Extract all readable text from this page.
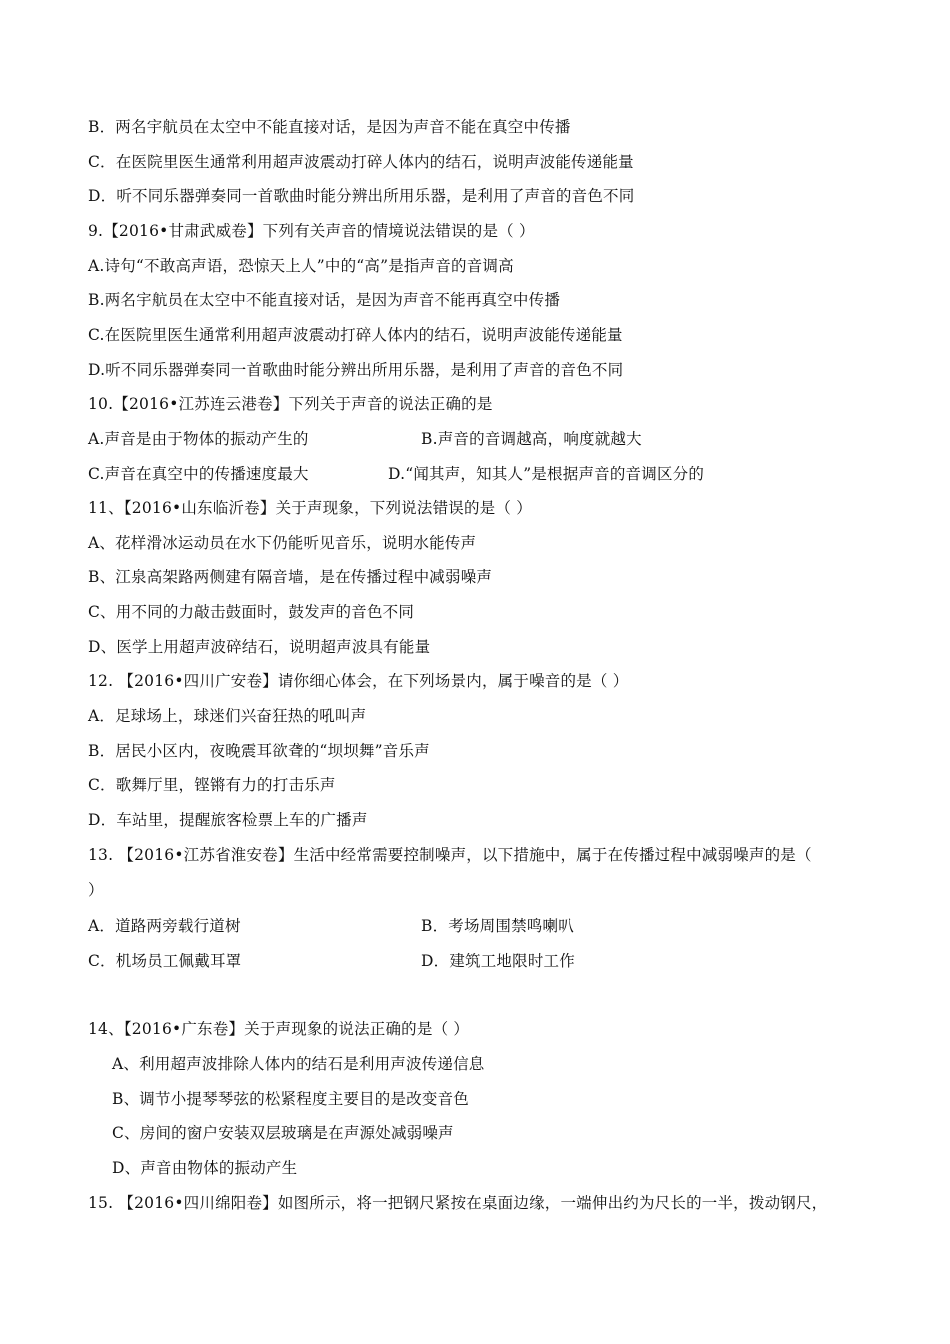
B．两名宇航员在太空中不能直接对话，是因为声音不能在真空中传播
C．在医院里医生通常利用超声波震动打碎人体内的结石，说明声波能传递能量
D．听不同乐器弹奏同一首歌曲时能分辨出所用乐器，是利用了声音的音色不同
9.【2016•甘肃武威卷】下列有关声音的情境说法错误的是（ ）
A.诗句“不敢高声语，恐惊天上人”中的“高”是指声音的音调高
B.两名宇航员在太空中不能直接对话，是因为声音不能再真空中传播
C.在医院里医生通常利用超声波震动打碎人体内的结石，说明声波能传递能量
D.听不同乐器弹奏同一首歌曲时能分辨出所用乐器，是利用了声音的音色不同
10.【2016•江苏连云港卷】下列关于声音的说法正确的是
A.声音是由于物体的振动产生的	B.声音的音调越高，响度就越大
C.声音在真空中的传播速度最大	D.“闻其声，知其人”是根据声音的音调区分的
11、【2016•山东临沂卷】关于声现象，下列说法错误的是（ ）
A、花样滑冰运动员在水下仍能听见音乐，说明水能传声
B、江泉高架路两侧建有隔音墙，是在传播过程中减弱噪声
C、用不同的力敲击鼓面时，鼓发声的音色不同
D、医学上用超声波碎结石，说明超声波具有能量
12. 【2016•四川广安卷】请你细心体会，在下列场景内，属于噪音的是（ ）
A．足球场上，球迷们兴奋狂热的吼叫声
B．居民小区内，夜晚震耳欲聋的“坝坝舞”音乐声
C．歌舞厅里，铿锵有力的打击乐声
D．车站里，提醒旅客检票上车的广播声
13. 【2016•江苏省淮安卷】生活中经常需要控制噪声，以下措施中，属于在传播过程中减弱噪声的是（
）
A．道路两旁载行道树	B．考场周围禁鸣喇叭
C．机场员工佩戴耳罩	D．建筑工地限时工作
14、【2016•广东卷】关于声现象的说法正确的是（ ）
A、利用超声波排除人体内的结石是利用声波传递信息
B、调节小提琴琴弦的松紧程度主要目的是改变音色
C、房间的窗户安装双层玻璃是在声源处减弱噪声
D、声音由物体的振动产生
15. 【2016•四川绵阳卷】如图所示，将一把钢尺紧按在桌面边缘，一端伸出约为尺长的一半，拨动钢尺，
